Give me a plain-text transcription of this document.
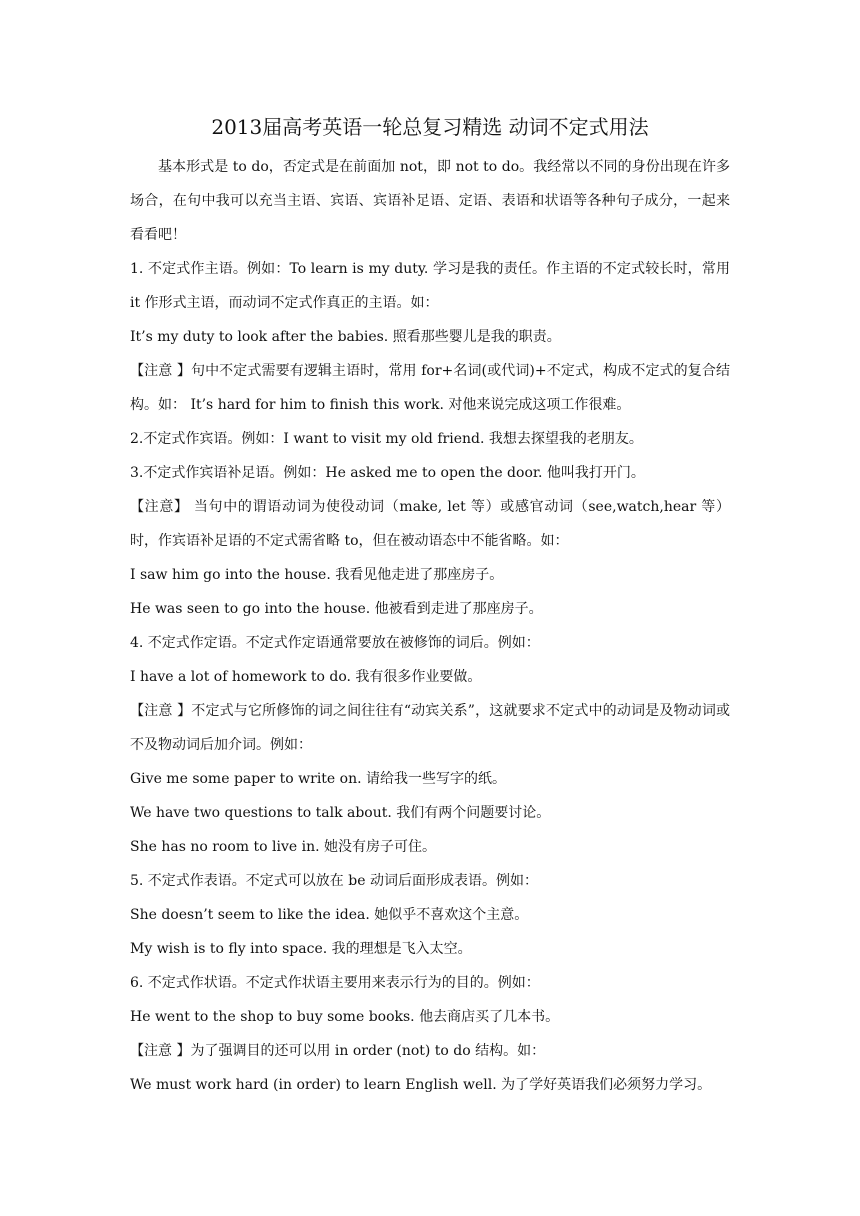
2013届高考英语一轮总复习精选 动词不定式用法

基本形式是 to do，否定式是在前面加 not，即 not to do。我经常以不同的身份出现在许多场合，在句中我可以充当主语、宾语、宾语补足语、定语、表语和状语等各种句子成分，一起来看看吧！

1. 不定式作主语。例如：To learn is my duty. 学习是我的责任。作主语的不定式较长时，常用 it 作形式主语，而动词不定式作真正的主语。如：

It’s my duty to look after the babies. 照看那些婴儿是我的职责。

【注意 】句中不定式需要有逻辑主语时，常用 for+名词(或代词)+不定式，构成不定式的复合结构。如： It’s hard for him to finish this work. 对他来说完成这项工作很难。

2.不定式作宾语。例如：I want to visit my old friend. 我想去探望我的老朋友。

3.不定式作宾语补足语。例如：He asked me to open the door. 他叫我打开门。

【注意】 当句中的谓语动词为使役动词（make, let 等）或感官动词（see,watch,hear 等）时，作宾语补足语的不定式需省略 to，但在被动语态中不能省略。如：

I saw him go into the house. 我看见他走进了那座房子。

He was seen to go into the house. 他被看到走进了那座房子。

4. 不定式作定语。不定式作定语通常要放在被修饰的词后。例如：

I have a lot of homework to do. 我有很多作业要做。

【注意 】不定式与它所修饰的词之间往往有“动宾关系”，这就要求不定式中的动词是及物动词或不及物动词后加介词。例如：

Give me some paper to write on. 请给我一些写字的纸。

We have two questions to talk about. 我们有两个问题要讨论。

She has no room to live in. 她没有房子可住。

5. 不定式作表语。不定式可以放在 be 动词后面形成表语。例如：

She doesn’t seem to like the idea. 她似乎不喜欢这个主意。

My wish is to fly into space. 我的理想是飞入太空。

6. 不定式作状语。不定式作状语主要用来表示行为的目的。例如：

He went to the shop to buy some books. 他去商店买了几本书。

【注意 】为了强调目的还可以用 in order (not) to do 结构。如：

We must work hard (in order) to learn English well. 为了学好英语我们必须努力学习。
